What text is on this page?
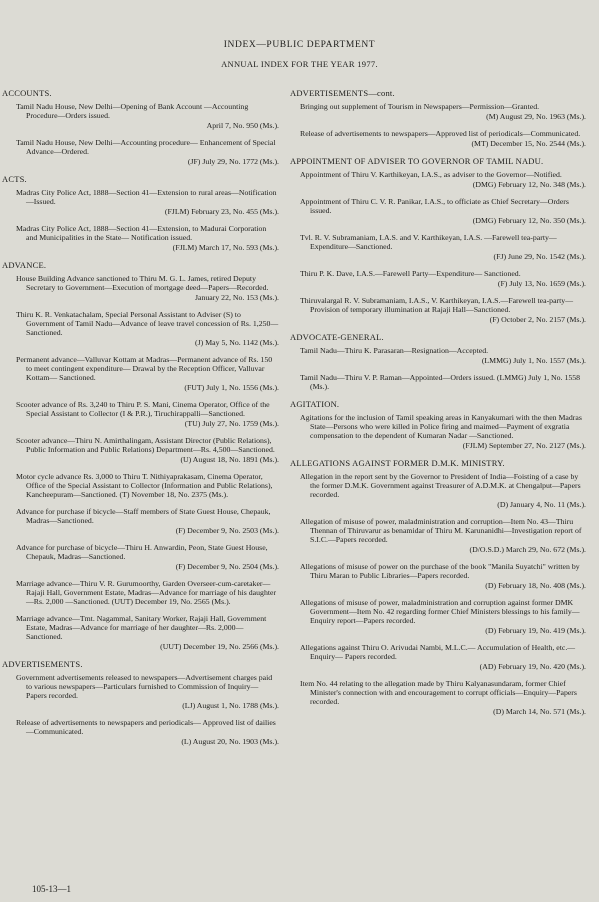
INDEX—PUBLIC DEPARTMENT
ANNUAL INDEX FOR THE YEAR 1977.
ACCOUNTS.
Tamil Nadu House, New Delhi—Opening of Bank Account —Accounting Procedure—Orders issued.
April 7, No. 950 (Ms.).
Tamil Nadu House, New Delhi—Accounting procedure— Enhancement of Special Advance—Ordered.
(JF) July 29, No. 1772 (Ms.).
ACTS.
Madras City Police Act, 1888—Section 41—Extension to rural areas—Notification—Issued.
(FJLM) February 23, No. 455 (Ms.).
Madras City Police Act, 1888—Section 41—Extension, to Madurai Corporation and Municipalities in the State— Notification issued.
(FJLM) March 17, No. 593 (Ms.).
ADVANCE.
House Building Advance sanctioned to Thiru M. G. L. James, retired Deputy Secretary to Government—Execution of mortgage deed—Papers—Recorded.
January 22, No. 153 (Ms.).
Thiru K. R. Venkatachalam, Special Personal Assistant to Adviser (S) to Government of Tamil Nadu—Advance of leave travel concession of Rs. 1,250—Sanctioned.
(J) May 5, No. 1142 (Ms.).
Permanent advance—Valluvar Kottam at Madras—Permanent advance of Rs. 150 to meet contingent expenditure— Drawal by the Reception Officer, Valluvar Kottam— Sanctioned.
(FUT) July 1, No. 1556 (Ms.).
Scooter advance of Rs. 3,240 to Thiru P. S. Mani, Cinema Operator, Office of the Special Assistant to Collector (I & P.R.), Tiruchirappalli—Sanctioned.
(TU) July 27, No. 1759 (Ms.).
Scooter advance—Thiru N. Amirthalingam, Assistant Director (Public Relations), Public Information and Public Relations) Department—Rs. 4,500—Sanctioned.
(U) August 18, No. 1891 (Ms.).
Motor cycle advance Rs. 3,000 to Thiru T. Nithiyaprakasam, Cinema Operator, Office of the Special Assistant to Collector (Information and Public Relations), Kancheepuram—Sanctioned. (T) November 18, No. 2375 (Ms.).
Advance for purchase if bicycle—Staff members of State Guest House, Chepauk, Madras—Sanctioned.
(F) December 9, No. 2503 (Ms.).
Advance for purchase of bicycle—Thiru H. Anwardin, Peon, State Guest House, Chepauk, Madras—Sanctioned.
(F) December 9, No. 2504 (Ms.).
Marriage advance—Thiru V. R. Gurumoorthy, Garden Overseer-cum-caretaker—Rajaji Hall, Government Estate, Madras—Advance for marriage of his daughter—Rs. 2,000 —Sanctioned. (UUT) December 19, No. 2565 (Ms.).
Marriage advance—Tmt. Nagammal, Sanitary Worker, Rajaji Hall, Government Estate, Madras—Advance for marriage of her daughter—Rs. 2,000—Sanctioned.
(UUT) December 19, No. 2566 (Ms.).
ADVERTISEMENTS.
Government advertisements released to newspapers—Advertisement charges paid to various newspapers—Particulars furnished to Commission of Inquiry—Papers recorded.
(LJ) August 1, No. 1788 (Ms.).
Release of advertisements to newspapers and periodicals— Approved list of dailies—Communicated.
(L) August 20, No. 1903 (Ms.).
ADVERTISEMENTS—cont.
Bringing out supplement of Tourism in Newspapers—Permission—Granted.
(M) August 29, No. 1963 (Ms.).
Release of advertisements to newspapers—Approved list of periodicals—Communicated.
(MT) December 15, No. 2544 (Ms.).
APPOINTMENT OF ADVISER TO GOVERNOR OF TAMIL NADU.
Appointment of Thiru V. Karthikeyan, I.A.S., as adviser to the Governor—Notified.
(DMG) February 12, No. 348 (Ms.).
Appointment of Thiru C. V. R. Panikar, I.A.S., to officiate as Chief Secretary—Orders issued.
(DMG) February 12, No. 350 (Ms.).
Tvl. R. V. Subramaniam, I.A.S. and V. Karthikeyan, I.A.S. —Farewell tea-party—Expenditure—Sanctioned.
(FJ) June 29, No. 1542 (Ms.).
Thiru P. K. Dave, I.A.S.—Farewell Party—Expenditure— Sanctioned.
(F) July 13, No. 1659 (Ms.).
Thiruvalargal R. V. Subramaniam, I.A.S., V. Karthikeyan, I.A.S.—Farewell tea-party—Provision of temporary illumination at Rajaji Hall—Sanctioned.
(F) October 2, No. 2157 (Ms.).
ADVOCATE-GENERAL.
Tamil Nadu—Thiru K. Parasaran—Resignation—Accepted.
(LMMG) July 1, No. 1557 (Ms.).
Tamil Nadu—Thiru V. P. Raman—Appointed—Orders issued. (LMMG) July 1, No. 1558 (Ms.).
AGITATION.
Agitations for the inclusion of Tamil speaking areas in Kanyakumari with the then Madras State—Persons who were killed in Police firing and maimed—Payment of exgratia compensation to the dependent of Kumaran Nadar —Sanctioned.
(FJLM) September 27, No. 2127 (Ms.).
ALLEGATIONS AGAINST FORMER D.M.K. MINISTRY.
Allegation in the report sent by the Governor to President of India—Foisting of a case by the former D.M.K. Government against Treasurer of A.D.M.K. at Chengalput—Papers recorded.
(D) January 4, No. 11 (Ms.).
Allegation of misuse of power, maladministration and corruption—Item No. 43—Thiru Thennan of Thiruvarur as benamidar of Thiru M. Karunanidhi—Investigation report of S.I.C.—Papers recorded.
(D/O.S.D.) March 29, No. 672 (Ms.).
Allegations of misuse of power on the purchase of the book "Manila Suyatchi" written by Thiru Maran to Public Libraries—Papers recorded.
(D) February 18, No. 408 (Ms.).
Allegations of misuse of power, maladministration and corruption against former DMK Government—Item No. 42 regarding former Chief Ministers blessings to his family—Enquiry report—Papers recorded.
(D) February 19, No. 419 (Ms.).
Allegations against Thiru O. Arivudai Nambi, M.L.C.— Accumulation of Health, etc.—Enquiry— Papers recorded.
(AD) February 19, No. 420 (Ms.).
Item No. 44 relating to the allegation made by Thiru Kalyanasundaram, former Chief Minister's connection with and encouragement to corrupt officials—Enquiry—Papers recorded.
(D) March 14, No. 571 (Ms.).
105-13—1
